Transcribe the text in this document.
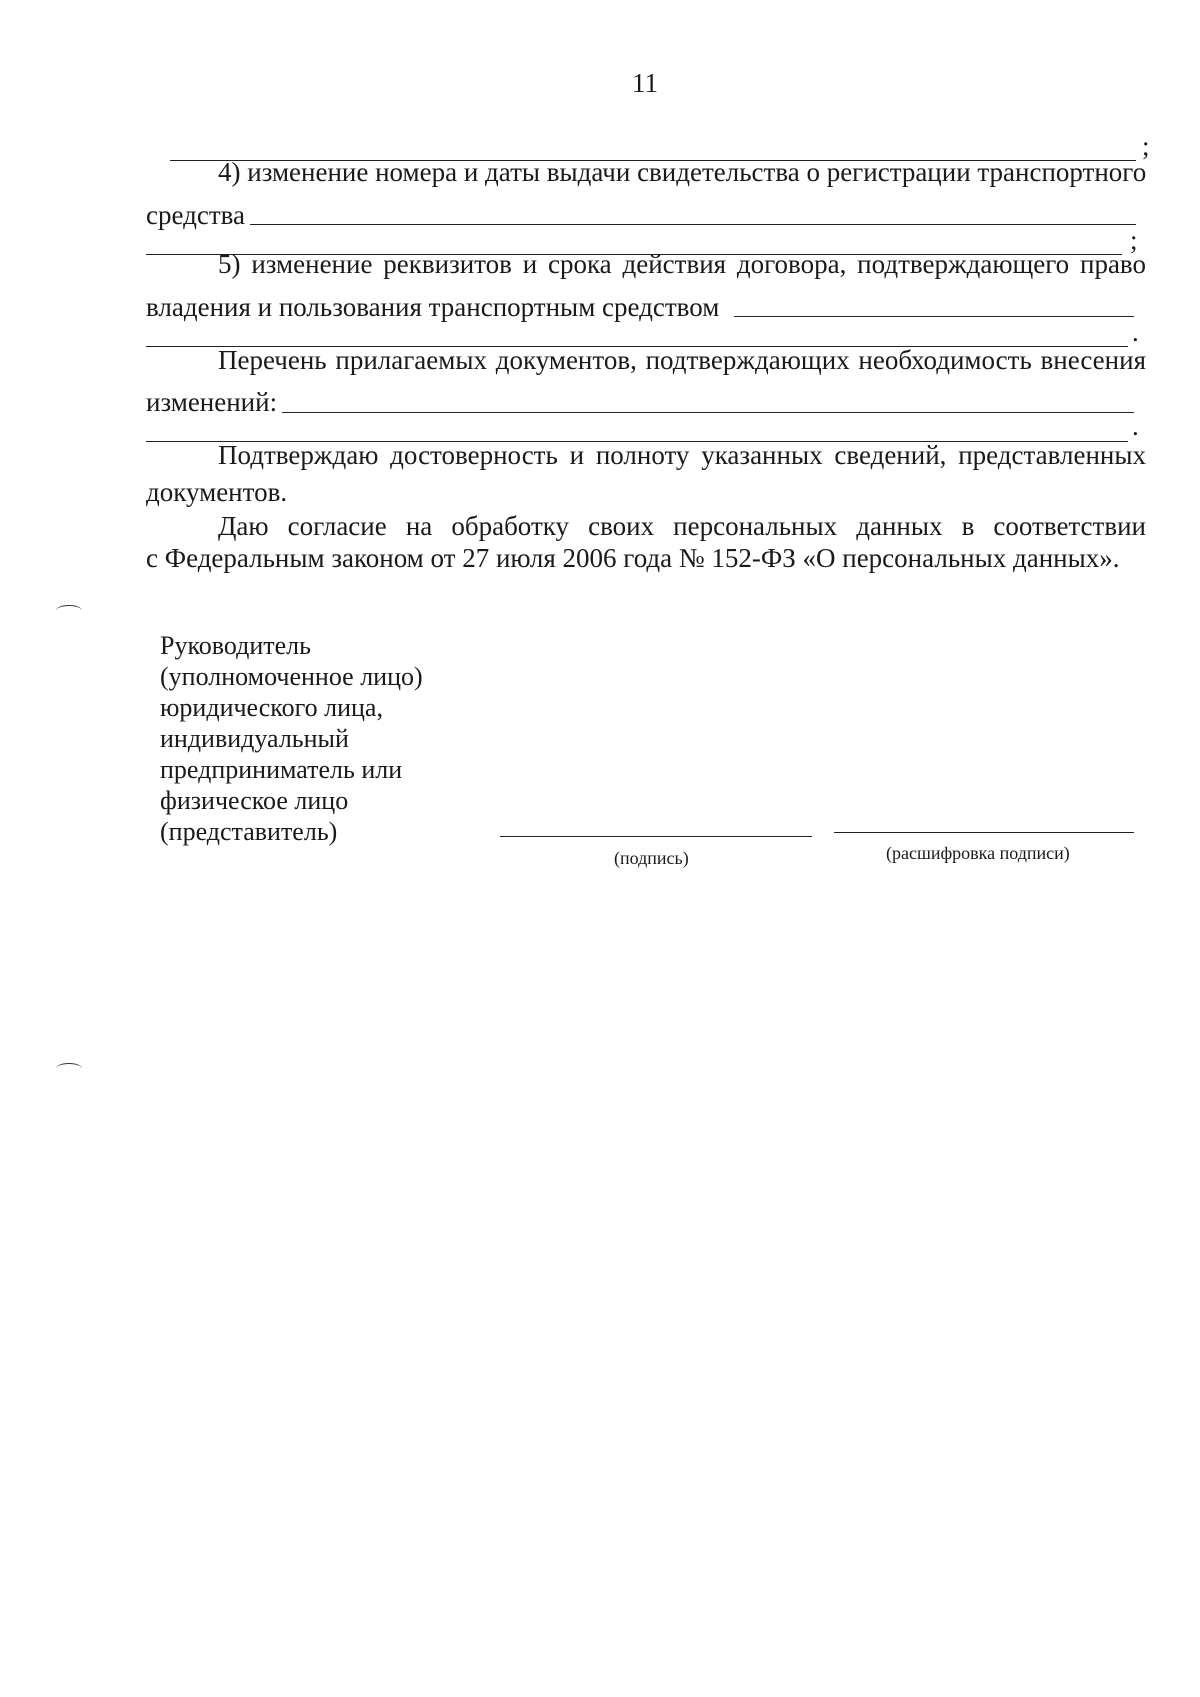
11
;
4) изменение номера и даты выдачи свидетельства о регистрации транспортного
средства
;
5) изменение реквизитов и срока действия договора, подтверждающего право
владения и пользования транспортным средством
.
Перечень прилагаемых документов, подтверждающих необходимость внесения
изменений:
.
Подтверждаю достоверность и полноту указанных сведений, представленных
документов.
Даю согласие на обработку своих персональных данных в соответствии
с Федеральным законом от 27 июля 2006 года № 152-ФЗ «О персональных данных».
Руководитель
(уполномоченное лицо)
юридического лица,
индивидуальный
предприниматель или
физическое лицо
(представитель)
(подпись)	(расшифровка подписи)
